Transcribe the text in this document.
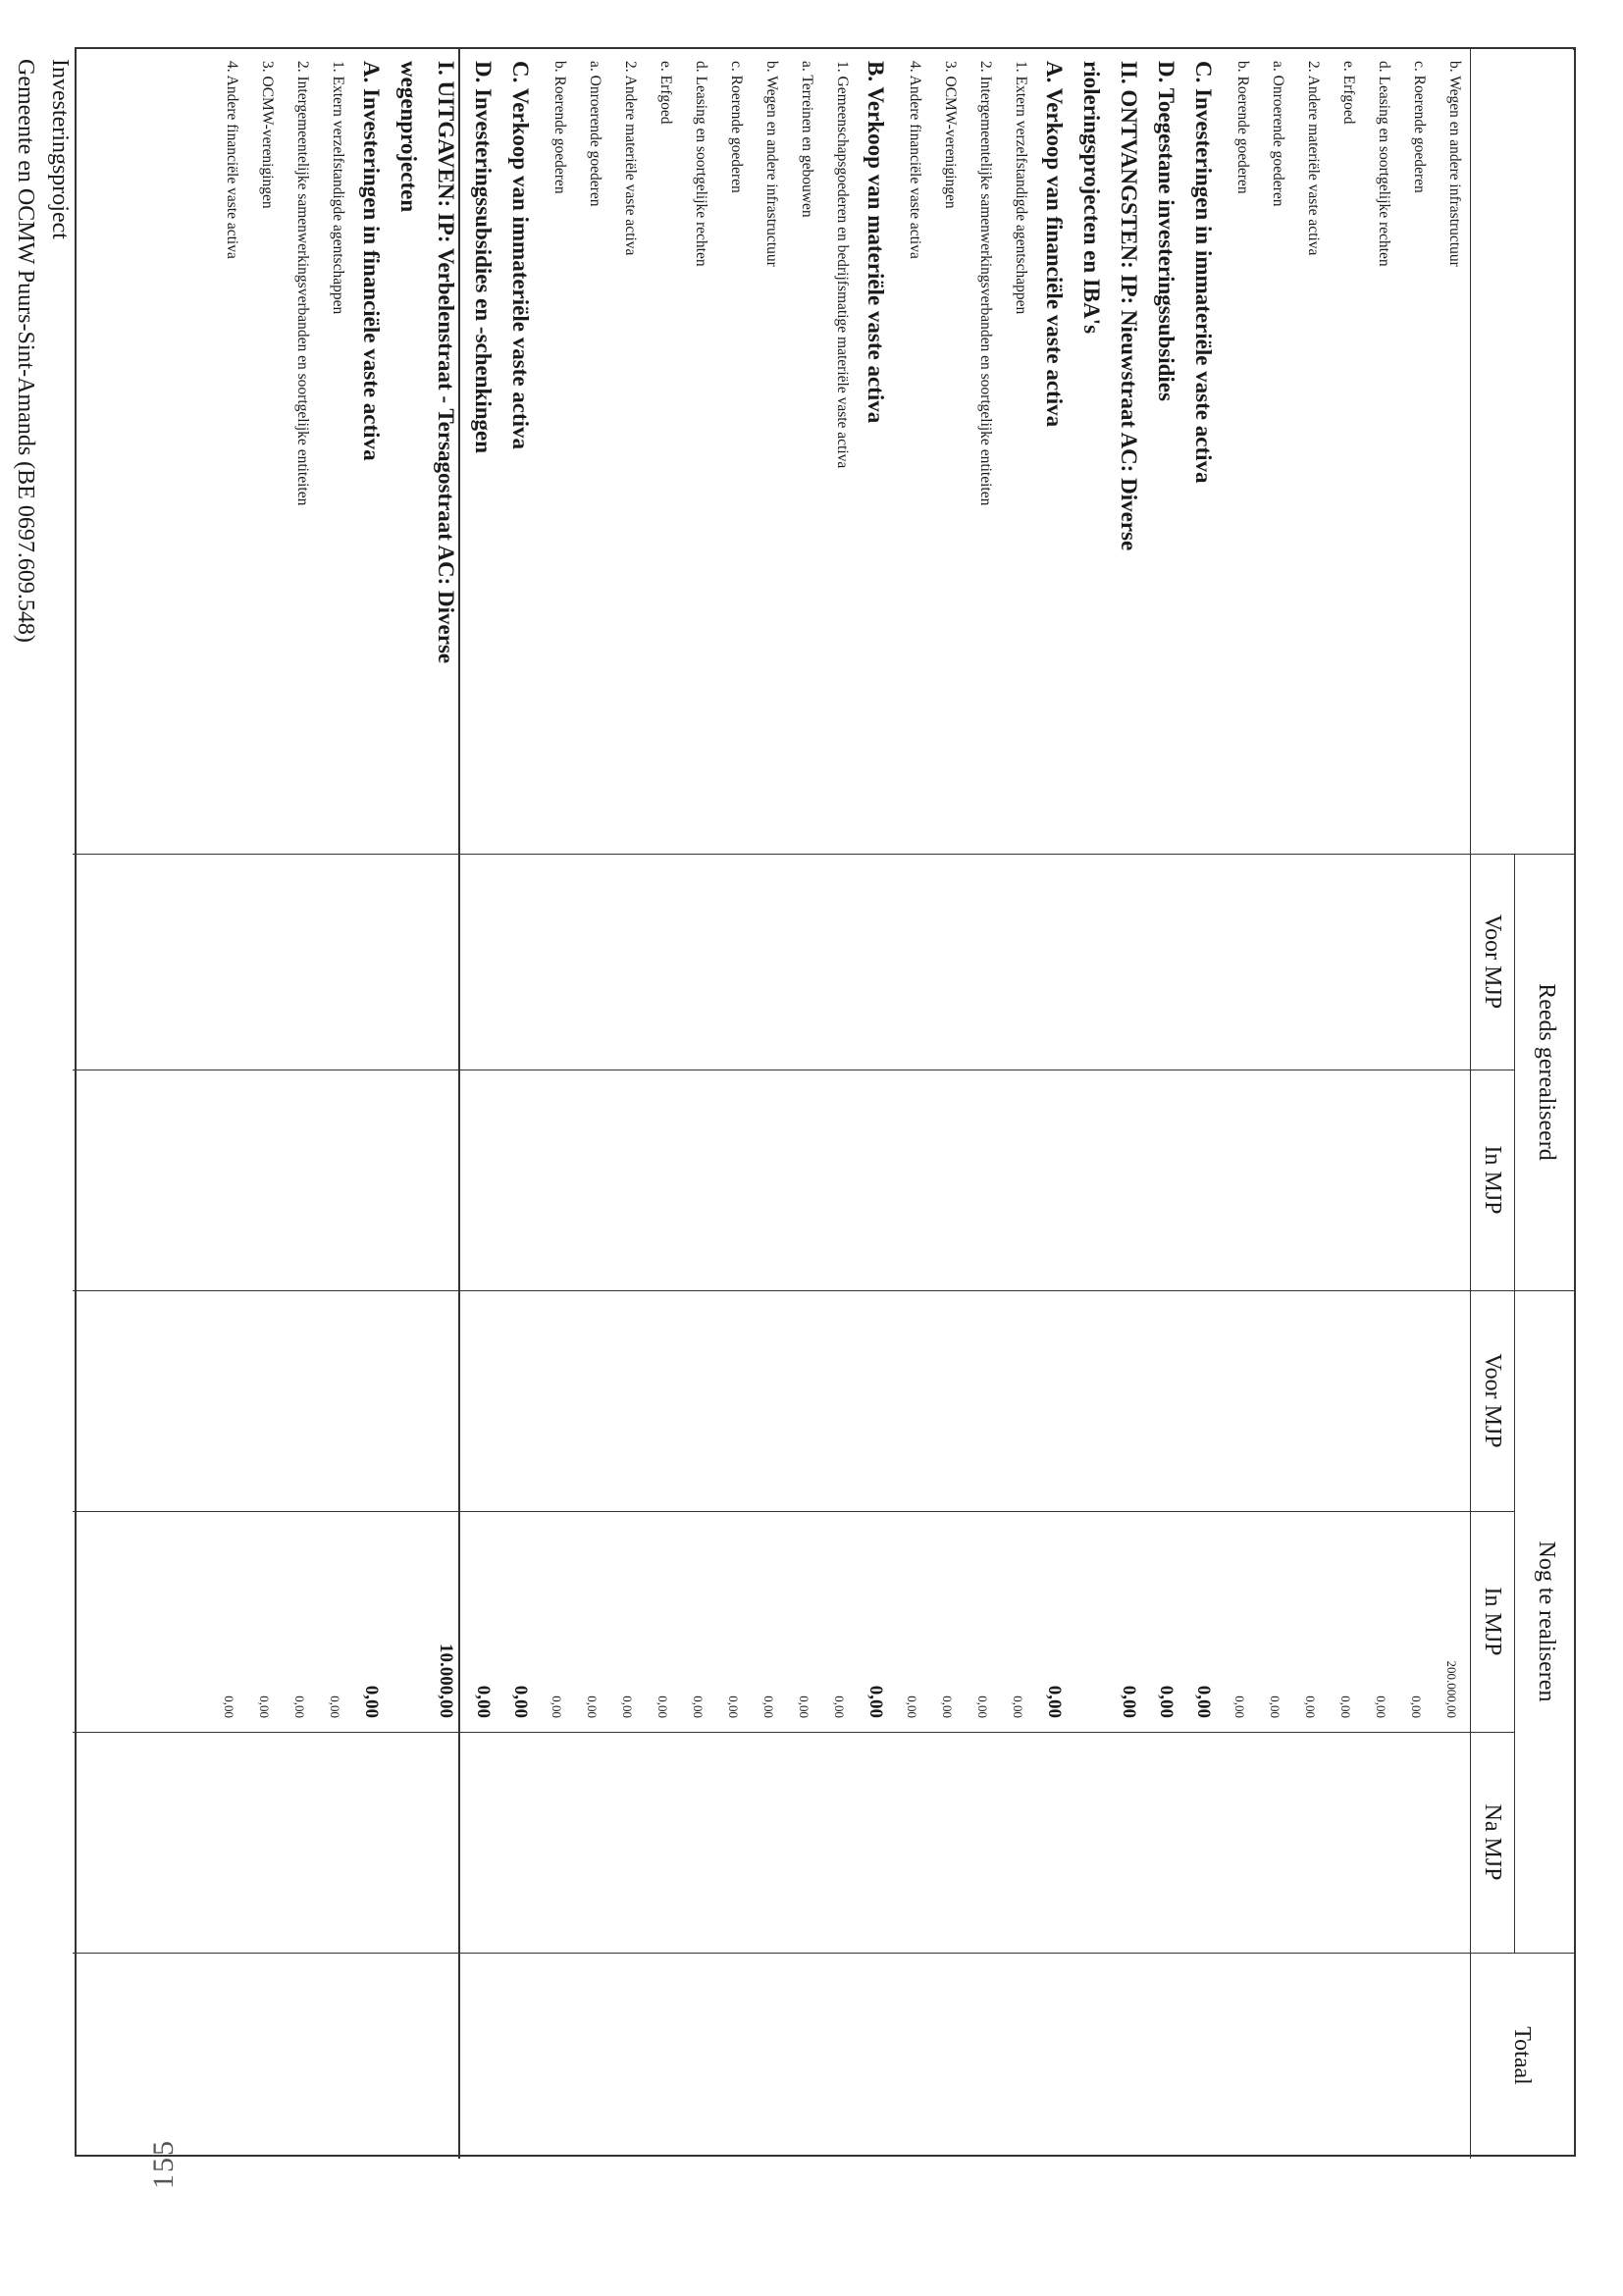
Reeds gerealiseerd
Nog te realiseren
Totaal
Voor MJP
In MJP
Voor MJP
In MJP
Na MJP
b. Wegen en andere infrastructuur
200.000,00
c. Roerende goederen
0,00
d. Leasing en soortgelijke rechten
0,00
e. Erfgoed
0,00
2. Andere materiële vaste activa
0,00
a. Onroerende goederen
0,00
b. Roerende goederen
0,00
C. Investeringen in immateriële vaste activa
0,00
D. Toegestane investeringssubsidies
0,00
II. ONTVANGSTEN: IP: Nieuwstraat AC: Diverse
0,00
rioleringsprojecten en IBA's
A. Verkoop van financiële vaste activa
0,00
1. Extern verzelfstandigde agentschappen
0,00
2. Intergemeentelijke samenwerkingsverbanden en soortgelijke entiteiten
0,00
3. OCMW-verenigingen
0,00
4. Andere financiële vaste activa
0,00
B. Verkoop van materiële vaste activa
0,00
1. Gemeenschapsgoederen en bedrijfsmatige materiële vaste activa
0,00
a. Terreinen en gebouwen
0,00
b. Wegen en andere infrastructuur
0,00
c. Roerende goederen
0,00
d. Leasing en soortgelijke rechten
0,00
e. Erfgoed
0,00
2. Andere materiële vaste activa
0,00
a. Onroerende goederen
0,00
b. Roerende goederen
0,00
C. Verkoop van immateriële vaste activa
0,00
D. Investeringssubsidies en -schenkingen
0,00
I. UITGAVEN: IP: Verbelenstraat - Tersagostraat AC: Diverse
10.000,00
wegenprojecten
A. Investeringen in financiële vaste activa
0,00
1. Extern verzelfstandigde agentschappen
0,00
2. Intergemeentelijke samenwerkingsverbanden en soortgelijke entiteiten
0,00
3. OCMW-verenigingen
0,00
4. Andere financiële vaste activa
0,00
Investeringsproject
Gemeente en OCMW Puurs-Sint-Amands (BE 0697.609.548)
155
